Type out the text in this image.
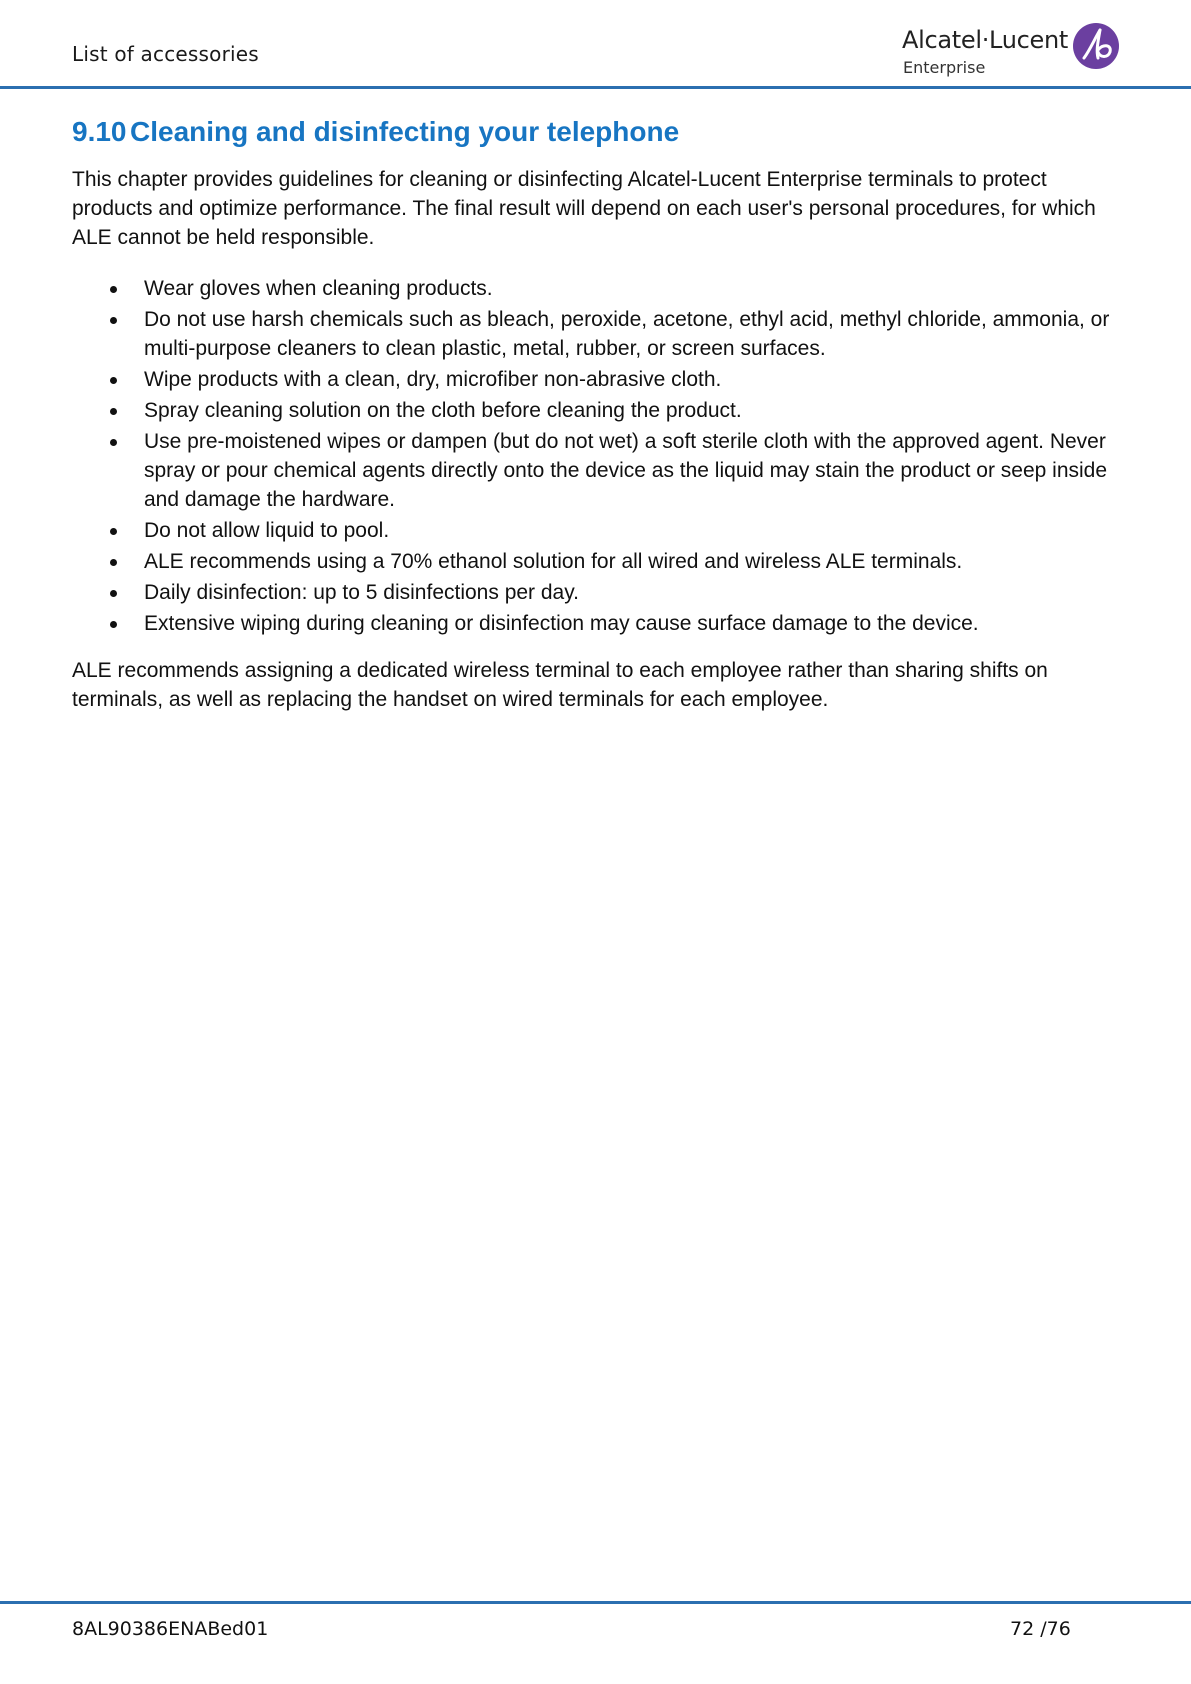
List of accessories	Alcatel·Lucent
Enterprise
9.10 Cleaning and disinfecting your telephone

This chapter provides guidelines for cleaning or disinfecting Alcatel-Lucent Enterprise terminals to protect products and optimize performance. The final result will depend on each user's personal procedures, for which ALE cannot be held responsible.

Wear gloves when cleaning products.
Do not use harsh chemicals such as bleach, peroxide, acetone, ethyl acid, methyl chloride, ammonia, or multi-purpose cleaners to clean plastic, metal, rubber, or screen surfaces.
Wipe products with a clean, dry, microfiber non-abrasive cloth.
Spray cleaning solution on the cloth before cleaning the product.
Use pre-moistened wipes or dampen (but do not wet) a soft sterile cloth with the approved agent. Never spray or pour chemical agents directly onto the device as the liquid may stain the product or seep inside and damage the hardware.
Do not allow liquid to pool.
ALE recommends using a 70% ethanol solution for all wired and wireless ALE terminals.
Daily disinfection: up to 5 disinfections per day.
Extensive wiping during cleaning or disinfection may cause surface damage to the device.

ALE recommends assigning a dedicated wireless terminal to each employee rather than sharing shifts on terminals, as well as replacing the handset on wired terminals for each employee.

8AL90386ENABed01	72 /76
